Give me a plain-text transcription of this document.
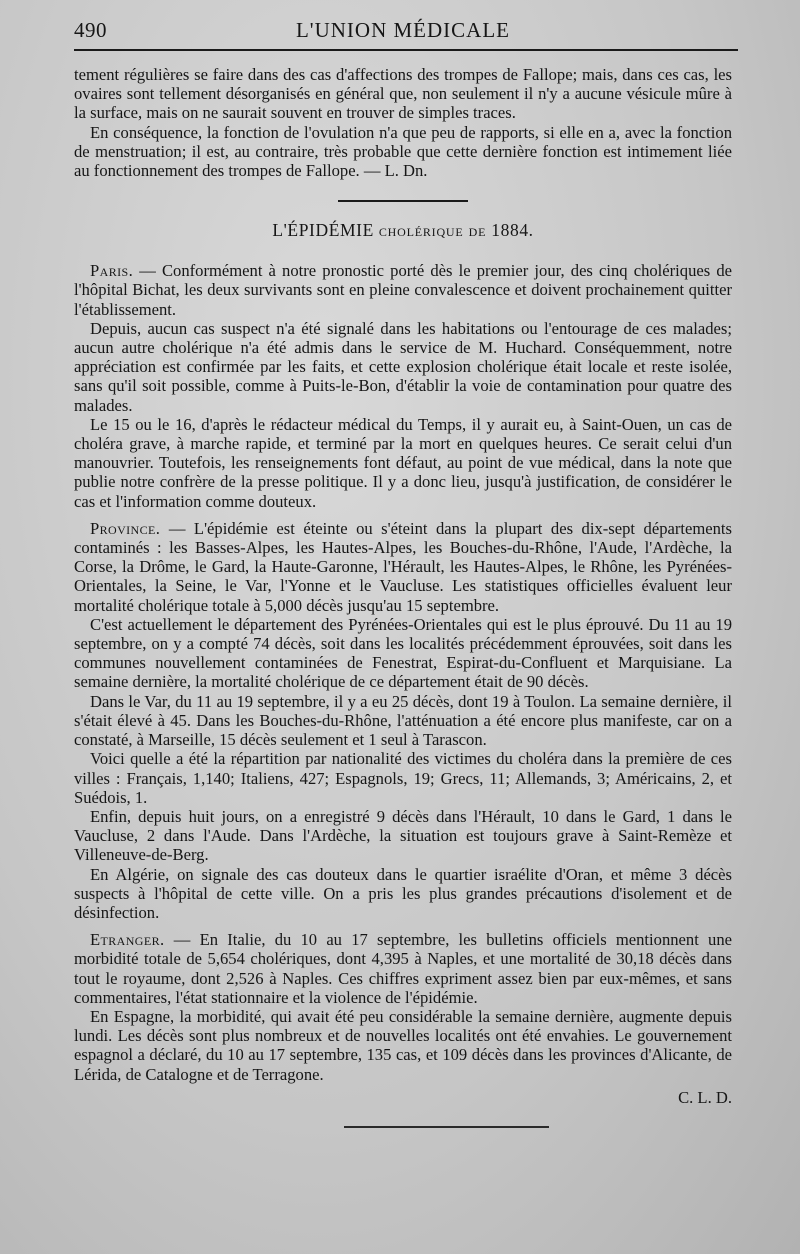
490	L'UNION MÉDICALE

tement régulières se faire dans des cas d'affections des trompes de Fallope; mais, dans ces cas, les ovaires sont tellement désorganisés en général que, non seulement il n'y a aucune vésicule mûre à la surface, mais on ne saurait souvent en trouver de simples traces.

En conséquence, la fonction de l'ovulation n'a que peu de rapports, si elle en a, avec la fonction de menstruation; il est, au contraire, très probable que cette dernière fonction est intimement liée au fonctionnement des trompes de Fallope. — L. Dn.

L'ÉPIDÉMIE cholérique de 1884.

Paris. — Conformément à notre pronostic porté dès le premier jour, des cinq cholériques de l'hôpital Bichat, les deux survivants sont en pleine convalescence et doivent prochainement quitter l'établissement.

Depuis, aucun cas suspect n'a été signalé dans les habitations ou l'entourage de ces malades; aucun autre cholérique n'a été admis dans le service de M. Huchard. Conséquemment, notre appréciation est confirmée par les faits, et cette explosion cholérique était locale et reste isolée, sans qu'il soit possible, comme à Puits-le-Bon, d'établir la voie de contamination pour quatre des malades.

Le 15 ou le 16, d'après le rédacteur médical du Temps, il y aurait eu, à Saint-Ouen, un cas de choléra grave, à marche rapide, et terminé par la mort en quelques heures. Ce serait celui d'un manouvrier. Toutefois, les renseignements font défaut, au point de vue médical, dans la note que publie notre confrère de la presse politique. Il y a donc lieu, jusqu'à justification, de considérer le cas et l'information comme douteux.

Province. — L'épidémie est éteinte ou s'éteint dans la plupart des dix-sept départements contaminés : les Basses-Alpes, les Hautes-Alpes, les Bouches-du-Rhône, l'Aude, l'Ardèche, la Corse, la Drôme, le Gard, la Haute-Garonne, l'Hérault, les Hautes-Alpes, le Rhône, les Pyrénées-Orientales, la Seine, le Var, l'Yonne et le Vaucluse. Les statistiques officielles évaluent leur mortalité cholérique totale à 5,000 décès jusqu'au 15 septembre.

C'est actuellement le département des Pyrénées-Orientales qui est le plus éprouvé. Du 11 au 19 septembre, on y a compté 74 décès, soit dans les localités précédemment éprouvées, soit dans les communes nouvellement contaminées de Fenestrat, Espirat-du-Confluent et Marquisiane. La semaine dernière, la mortalité cholérique de ce département était de 90 décès.

Dans le Var, du 11 au 19 septembre, il y a eu 25 décès, dont 19 à Toulon. La semaine dernière, il s'était élevé à 45. Dans les Bouches-du-Rhône, l'atténuation a été encore plus manifeste, car on a constaté, à Marseille, 15 décès seulement et 1 seul à Tarascon.

Voici quelle a été la répartition par nationalité des victimes du choléra dans la première de ces villes : Français, 1,140; Italiens, 427; Espagnols, 19; Grecs, 11; Allemands, 3; Américains, 2, et Suédois, 1.

Enfin, depuis huit jours, on a enregistré 9 décès dans l'Hérault, 10 dans le Gard, 1 dans le Vaucluse, 2 dans l'Aude. Dans l'Ardèche, la situation est toujours grave à Saint-Remèze et Villeneuve-de-Berg.

En Algérie, on signale des cas douteux dans le quartier israélite d'Oran, et même 3 décès suspects à l'hôpital de cette ville. On a pris les plus grandes précautions d'isolement et de désinfection.

Etranger. — En Italie, du 10 au 17 septembre, les bulletins officiels mentionnent une morbidité totale de 5,654 cholériques, dont 4,395 à Naples, et une mortalité de 30,18 décès dans tout le royaume, dont 2,526 à Naples. Ces chiffres expriment assez bien par eux-mêmes, et sans commentaires, l'état stationnaire et la violence de l'épidémie.

En Espagne, la morbidité, qui avait été peu considérable la semaine dernière, augmente depuis lundi. Les décès sont plus nombreux et de nouvelles localités ont été envahies. Le gouvernement espagnol a déclaré, du 10 au 17 septembre, 135 cas, et 109 décès dans les provinces d'Alicante, de Lérida, de Catalogne et de Terragone.

C. L. D.
